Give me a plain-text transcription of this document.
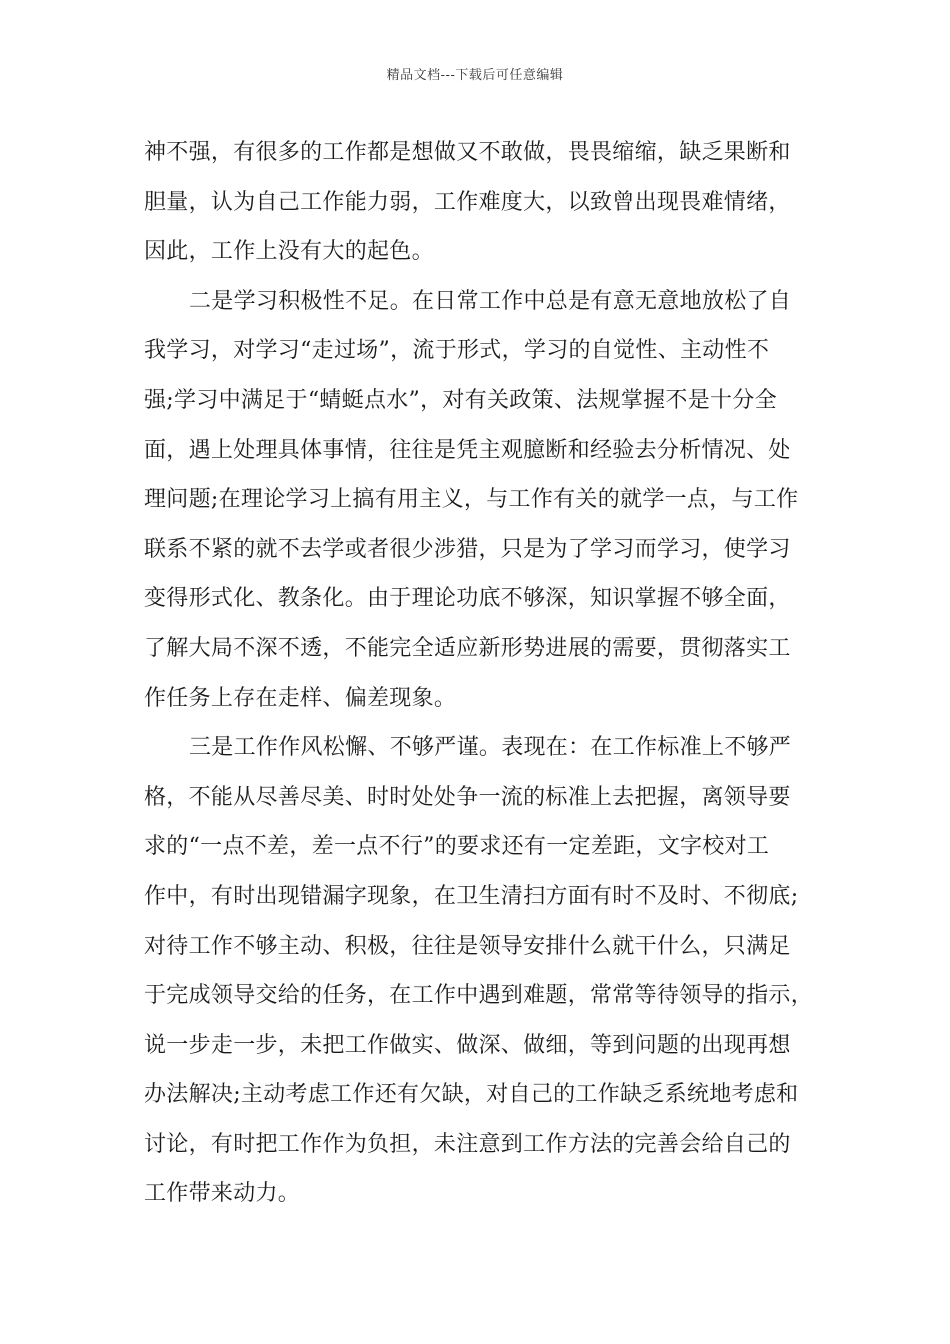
精品文档---下载后可任意编辑
神不强，有很多的工作都是想做又不敢做，畏畏缩缩，缺乏果断和
胆量，认为自己工作能力弱，工作难度大，以致曾出现畏难情绪，
因此，工作上没有大的起色。
二是学习积极性不足。在日常工作中总是有意无意地放松了自
我学习，对学习“走过场”，流于形式，学习的自觉性、主动性不
强;学习中满足于“蜻蜓点水”，对有关政策、法规掌握不是十分全
面，遇上处理具体事情，往往是凭主观臆断和经验去分析情况、处
理问题;在理论学习上搞有用主义，与工作有关的就学一点，与工作
联系不紧的就不去学或者很少涉猎，只是为了学习而学习，使学习
变得形式化、教条化。由于理论功底不够深，知识掌握不够全面，
了解大局不深不透，不能完全适应新形势进展的需要，贯彻落实工
作任务上存在走样、偏差现象。
三是工作作风松懈、不够严谨。表现在：在工作标准上不够严
格，不能从尽善尽美、时时处处争一流的标准上去把握，离领导要
求的“一点不差，差一点不行”的要求还有一定差距，文字校对工
作中，有时出现错漏字现象，在卫生清扫方面有时不及时、不彻底;
对待工作不够主动、积极，往往是领导安排什么就干什么，只满足
于完成领导交给的任务，在工作中遇到难题，常常等待领导的指示，
说一步走一步，未把工作做实、做深、做细，等到问题的出现再想
办法解决;主动考虑工作还有欠缺，对自己的工作缺乏系统地考虑和
讨论，有时把工作作为负担，未注意到工作方法的完善会给自己的
工作带来动力。
